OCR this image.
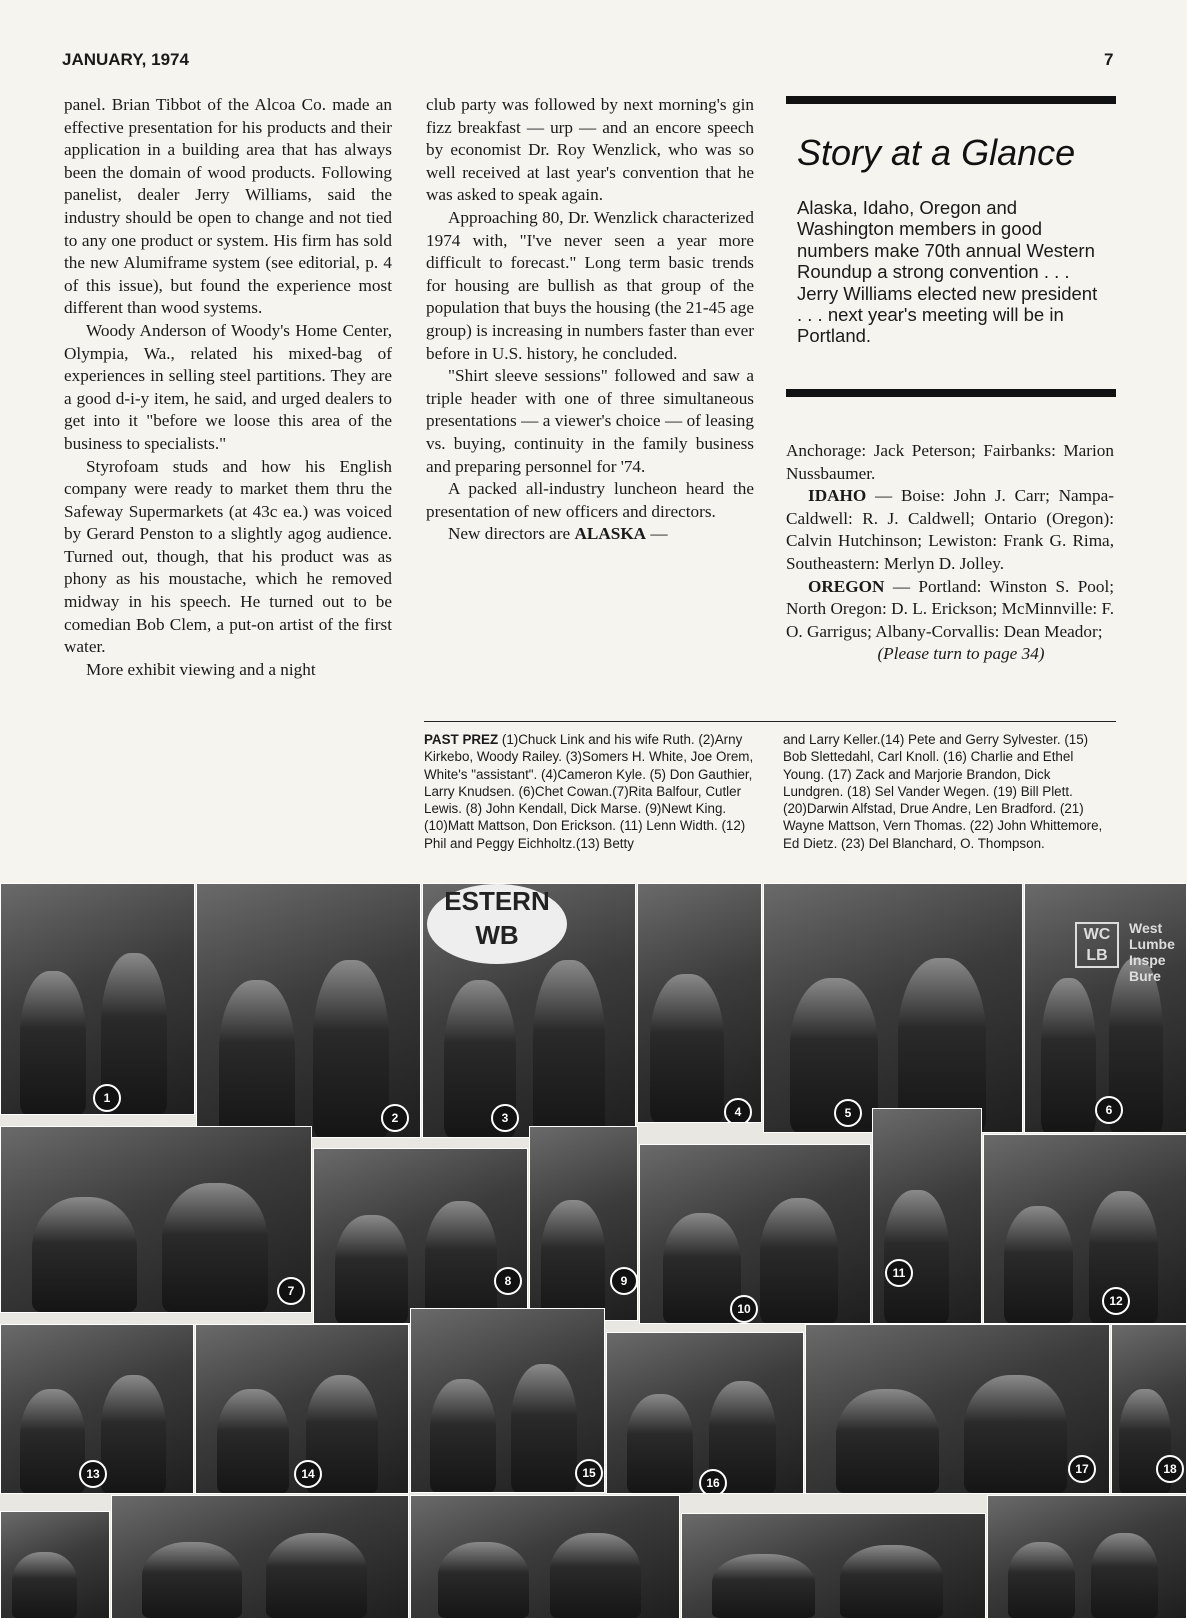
JANUARY, 1974	7

panel. Brian Tibbot of the Alcoa Co. made an effective presentation for his products and their application in a building area that has always been the domain of wood products. Following panelist, dealer Jerry Williams, said the industry should be open to change and not tied to any one product or system. His firm has sold the new Alumiframe system (see editorial, p. 4 of this issue), but found the experience most different than wood systems.

Woody Anderson of Woody's Home Center, Olympia, Wa., related his mixed-bag of experiences in selling steel partitions. They are a good d-i-y item, he said, and urged dealers to get into it "before we loose this area of the business to specialists."

Styrofoam studs and how his English company were ready to market them thru the Safeway Supermarkets (at 43c ea.) was voiced by Gerard Penston to a slightly agog audience. Turned out, though, that his product was as phony as his moustache, which he removed midway in his speech. He turned out to be comedian Bob Clem, a put-on artist of the first water.

More exhibit viewing and a night

club party was followed by next morning's gin fizz breakfast — urp — and an encore speech by economist Dr. Roy Wenzlick, who was so well received at last year's convention that he was asked to speak again.

Approaching 80, Dr. Wenzlick characterized 1974 with, "I've never seen a year more difficult to forecast." Long term basic trends for housing are bullish as that group of the population that buys the housing (the 21-45 age group) is increasing in numbers faster than ever before in U.S. history, he concluded.

"Shirt sleeve sessions" followed and saw a triple header with one of three simultaneous presentations — a viewer's choice — of leasing vs. buying, continuity in the family business and preparing personnel for '74.

A packed all-industry luncheon heard the presentation of new officers and directors.

New directors are ALASKA —

Story at a Glance
Alaska, Idaho, Oregon and Washington members in good numbers make 70th annual Western Roundup a strong convention . . . Jerry Williams elected new president . . . next year's meeting will be in Portland.

Anchorage: Jack Peterson; Fairbanks: Marion Nussbaumer.

IDAHO — Boise: John J. Carr; Nampa-Caldwell: R. J. Caldwell; Ontario (Oregon): Calvin Hutchinson; Lewiston: Frank G. Rima, Southeastern: Merlyn D. Jolley.

OREGON — Portland: Winston S. Pool; North Oregon: D. L. Erickson; McMinnville: F. O. Garrigus; Albany-Corvallis: Dean Meador;

(Please turn to page 34)

PAST PREZ (1)Chuck Link and his wife Ruth. (2)Arny Kirkebo, Woody Railey. (3)Somers H. White, Joe Orem, White's "assistant". (4)Cameron Kyle. (5) Don Gauthier, Larry Knudsen. (6)Chet Cowan.(7)Rita Balfour, Cutler Lewis. (8) John Kendall, Dick Marse. (9)Newt King. (10)Matt Mattson, Don Erickson. (11) Lenn Width. (12) Phil and Peggy Eichholtz.(13) Betty
and Larry Keller.(14) Pete and Gerry Sylvester. (15) Bob Slettedahl, Carl Knoll. (16) Charlie and Ethel Young. (17) Zack and Marjorie Brandon, Dick Lundgren. (18) Sel Vander Wegen. (19) Bill Plett. (20)Darwin Alfstad, Drue Andre, Len Bradford. (21) Wayne Mattson, Vern Thomas. (22) John Whittemore, Ed Dietz. (23) Del Blanchard, O. Thompson.
1
2
ESTERN WB
3	4	5
WC LB
West Lumbe Inspe Bure
6
7
8	9
10
11
12
13	14	15
16
17	18
